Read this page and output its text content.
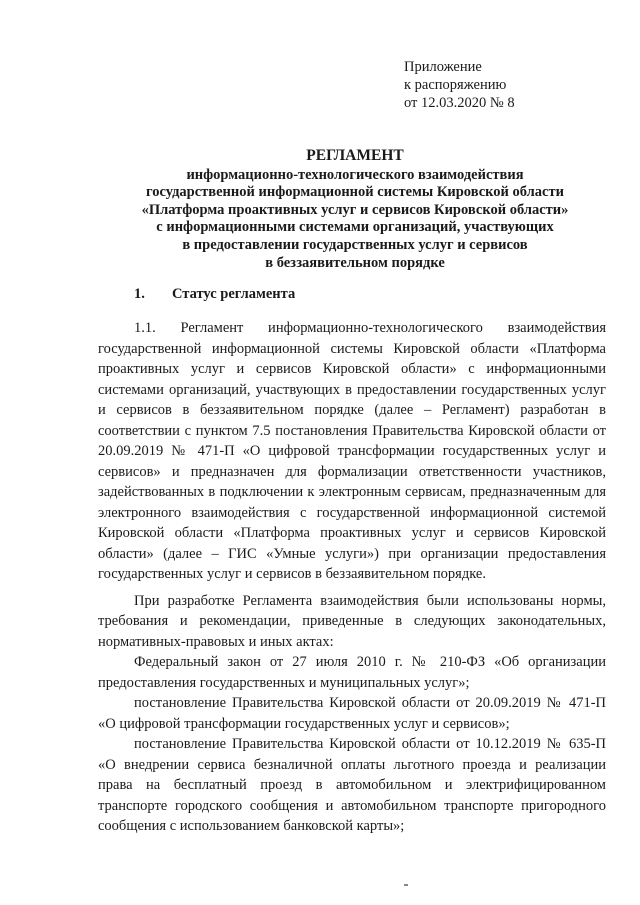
Приложение
к распоряжению
от 12.03.2020 № 8
РЕГЛАМЕНТ
информационно-технологического взаимодействия
государственной информационной системы Кировской области
«Платформа проактивных услуг и сервисов Кировской области»
с информационными системами организаций, участвующих
в предоставлении государственных услуг и сервисов
в беззаявительном порядке
1. Статус регламента

1.1. Регламент информационно-технологического взаимодействия государственной информационной системы Кировской области «Платформа проактивных услуг и сервисов Кировской области» с информационными системами организаций, участвующих в предоставлении государственных услуг и сервисов в беззаявительном порядке (далее – Регламент) разработан в соответствии с пунктом 7.5 постановления Правительства Кировской области от 20.09.2019 № 471-П «О цифровой трансформации государственных услуг и сервисов» и предназначен для формализации ответственности участников, задействованных в подключении к электронным сервисам, предназначенным для электронного взаимодействия с государственной информационной системой Кировской области «Платформа проактивных услуг и сервисов Кировской области» (далее – ГИС «Умные услуги») при организации предоставления государственных услуг и сервисов в беззаявительном порядке.

При разработке Регламента взаимодействия были использованы нормы, требования и рекомендации, приведенные в следующих законодательных, нормативных-правовых и иных актах:

Федеральный закон от 27 июля 2010 г. № 210-ФЗ «Об организации предоставления государственных и муниципальных услуг»;

постановление Правительства Кировской области от 20.09.2019 № 471-П «О цифровой трансформации государственных услуг и сервисов»;

постановление Правительства Кировской области от 10.12.2019 № 635-П «О внедрении сервиса безналичной оплаты льготного проезда и реализации права на бесплатный проезд в автомобильном и электрифицированном транспорте городского сообщения и автомобильном транспорте пригородного сообщения с использованием банковской карты»;
